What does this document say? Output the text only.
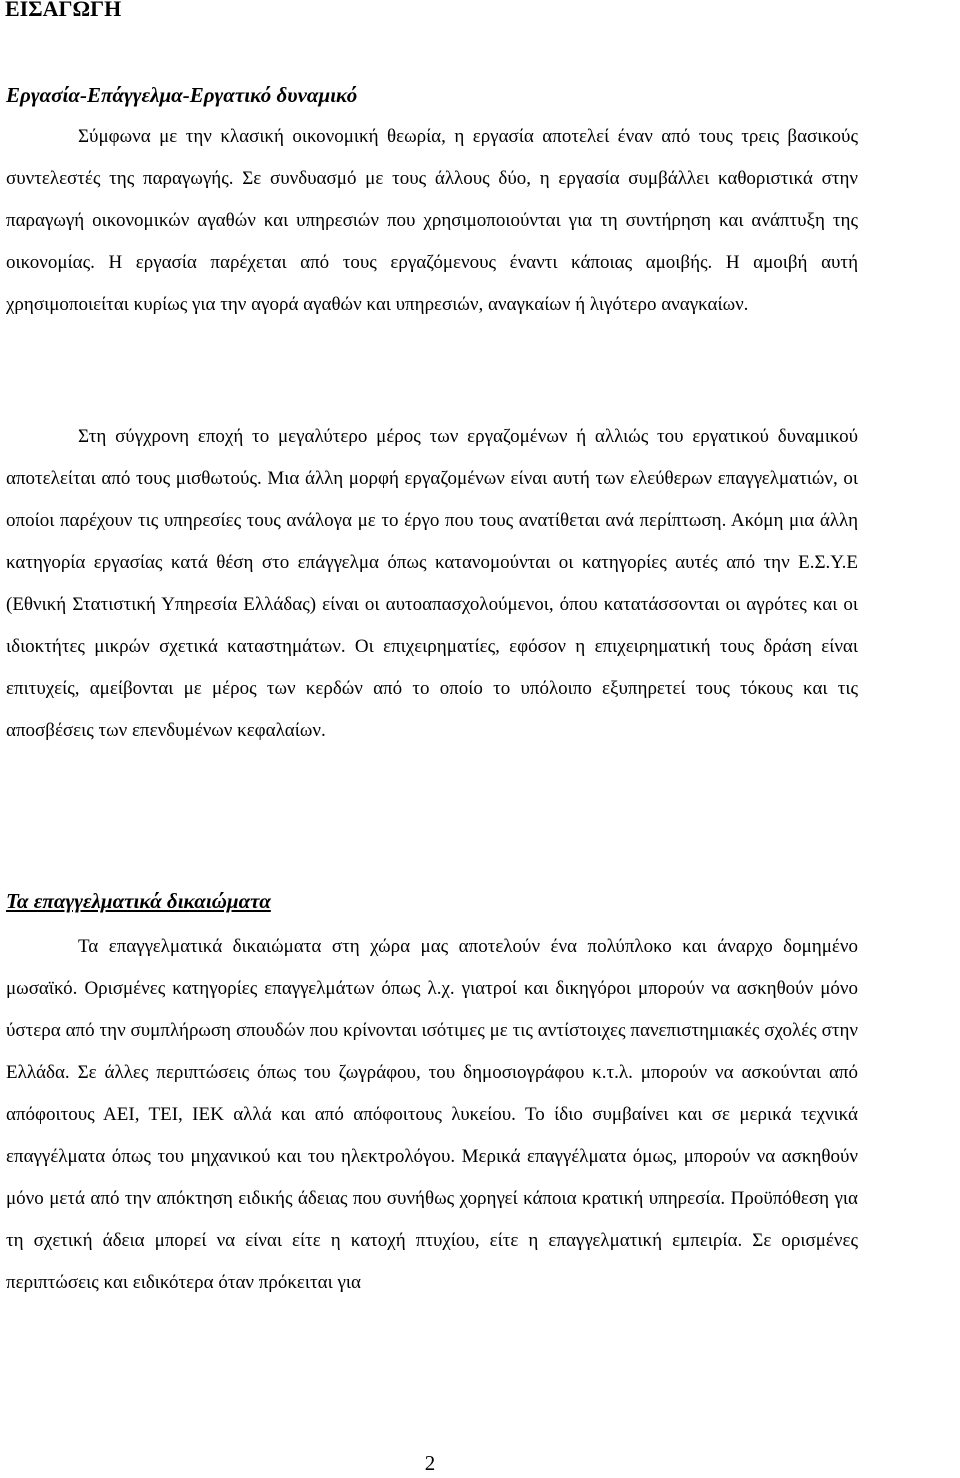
ΕΙΣΑΓΩΓΗ
Εργασία-Επάγγελμα-Εργατικό δυναμικό

Σύμφωνα με την κλασική οικονομική θεωρία, η εργασία αποτελεί έναν από τους τρεις βασικούς συντελεστές της παραγωγής. Σε συνδυασμό με τους άλλους δύο, η εργασία συμβάλλει καθοριστικά στην παραγωγή οικονομικών αγαθών και υπηρεσιών που χρησιμοποιούνται για τη συντήρηση και ανάπτυξη της οικονομίας. Η εργασία παρέχεται από τους εργαζόμενους έναντι κάποιας αμοιβής. Η αμοιβή αυτή χρησιμοποιείται κυρίως για την αγορά αγαθών και υπηρεσιών, αναγκαίων ή λιγότερο αναγκαίων.

Στη σύγχρονη εποχή το μεγαλύτερο μέρος των εργαζομένων ή αλλιώς του εργατικού δυναμικού αποτελείται από τους μισθωτούς. Μια άλλη μορφή εργαζομένων είναι αυτή των ελεύθερων επαγγελματιών, οι οποίοι παρέχουν τις υπηρεσίες τους ανάλογα με το έργο που τους ανατίθεται ανά περίπτωση. Ακόμη μια άλλη κατηγορία εργασίας κατά θέση στο επάγγελμα όπως κατανομούνται οι κατηγορίες αυτές από την Ε.Σ.Υ.Ε (Εθνική Στατιστική Υπηρεσία Ελλάδας) είναι οι αυτοαπασχολούμενοι, όπου κατατάσσονται οι αγρότες και οι ιδιοκτήτες μικρών σχετικά καταστημάτων. Οι επιχειρηματίες, εφόσον η επιχειρηματική τους δράση είναι επιτυχείς, αμείβονται με μέρος των κερδών από το οποίο το υπόλοιπο εξυπηρετεί τους τόκους και τις αποσβέσεις των επενδυμένων κεφαλαίων.

Τα επαγγελματικά δικαιώματα

Τα επαγγελματικά δικαιώματα στη χώρα μας αποτελούν ένα πολύπλοκο και άναρχο δομημένο μωσαϊκό. Ορισμένες κατηγορίες επαγγελμάτων όπως λ.χ. γιατροί και δικηγόροι μπορούν να ασκηθούν μόνο ύστερα από την συμπλήρωση σπουδών που κρίνονται ισότιμες με τις αντίστοιχες πανεπιστημιακές σχολές στην Ελλάδα. Σε άλλες περιπτώσεις όπως του ζωγράφου, του δημοσιογράφου κ.τ.λ. μπορούν να ασκούνται από απόφοιτους ΑΕΙ, ΤΕΙ, ΙΕΚ αλλά και από απόφοιτους λυκείου. Το ίδιο συμβαίνει και σε μερικά τεχνικά επαγγέλματα όπως του μηχανικού και του ηλεκτρολόγου. Μερικά επαγγέλματα όμως, μπορούν να ασκηθούν μόνο μετά από την απόκτηση ειδικής άδειας που συνήθως χορηγεί κάποια κρατική υπηρεσία. Προϋπόθεση για τη σχετική άδεια μπορεί να είναι είτε η κατοχή πτυχίου, είτε η επαγγελματική εμπειρία. Σε ορισμένες περιπτώσεις και ειδικότερα όταν πρόκειται για

2
